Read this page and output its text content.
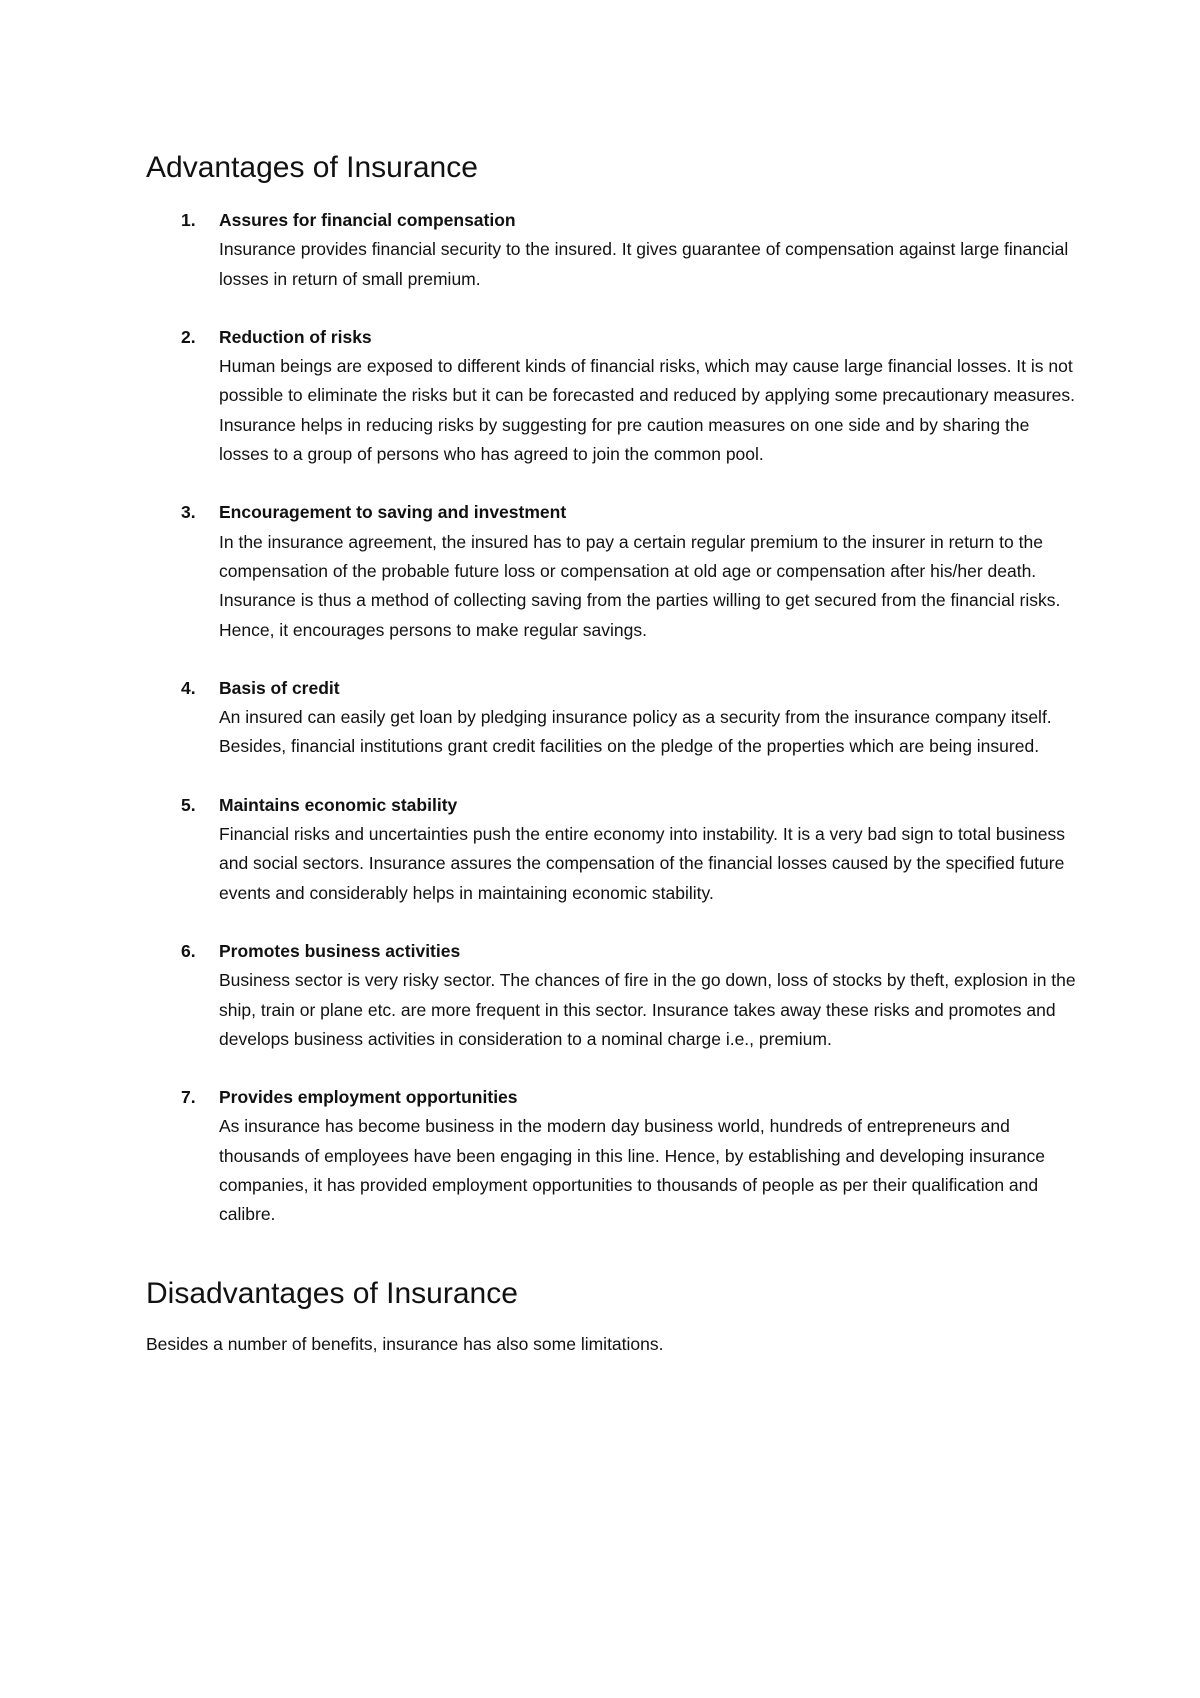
Advantages of Insurance
1. Assures for financial compensation
Insurance provides financial security to the insured. It gives guarantee of compensation against large financial losses in return of small premium.
2. Reduction of risks
Human beings are exposed to different kinds of financial risks, which may cause large financial losses. It is not possible to eliminate the risks but it can be forecasted and reduced by applying some precautionary measures. Insurance helps in reducing risks by suggesting for pre caution measures on one side and by sharing the losses to a group of persons who has agreed to join the common pool.
3. Encouragement to saving and investment
In the insurance agreement, the insured has to pay a certain regular premium to the insurer in return to the compensation of the probable future loss or compensation at old age or compensation after his/her death. Insurance is thus a method of collecting saving from the parties willing to get secured from the financial risks. Hence, it encourages persons to make regular savings.
4. Basis of credit
An insured can easily get loan by pledging insurance policy as a security from the insurance company itself. Besides, financial institutions grant credit facilities on the pledge of the properties which are being insured.
5. Maintains economic stability
Financial risks and uncertainties push the entire economy into instability. It is a very bad sign to total business and social sectors. Insurance assures the compensation of the financial losses caused by the specified future events and considerably helps in maintaining economic stability.
6. Promotes business activities
Business sector is very risky sector. The chances of fire in the go down, loss of stocks by theft, explosion in the ship, train or plane etc. are more frequent in this sector. Insurance takes away these risks and promotes and develops business activities in consideration to a nominal charge i.e., premium.
7. Provides employment opportunities
As insurance has become business in the modern day business world, hundreds of entrepreneurs and thousands of employees have been engaging in this line. Hence, by establishing and developing insurance companies, it has provided employment opportunities to thousands of people as per their qualification and calibre.
Disadvantages of Insurance

Besides a number of benefits, insurance has also some limitations.
